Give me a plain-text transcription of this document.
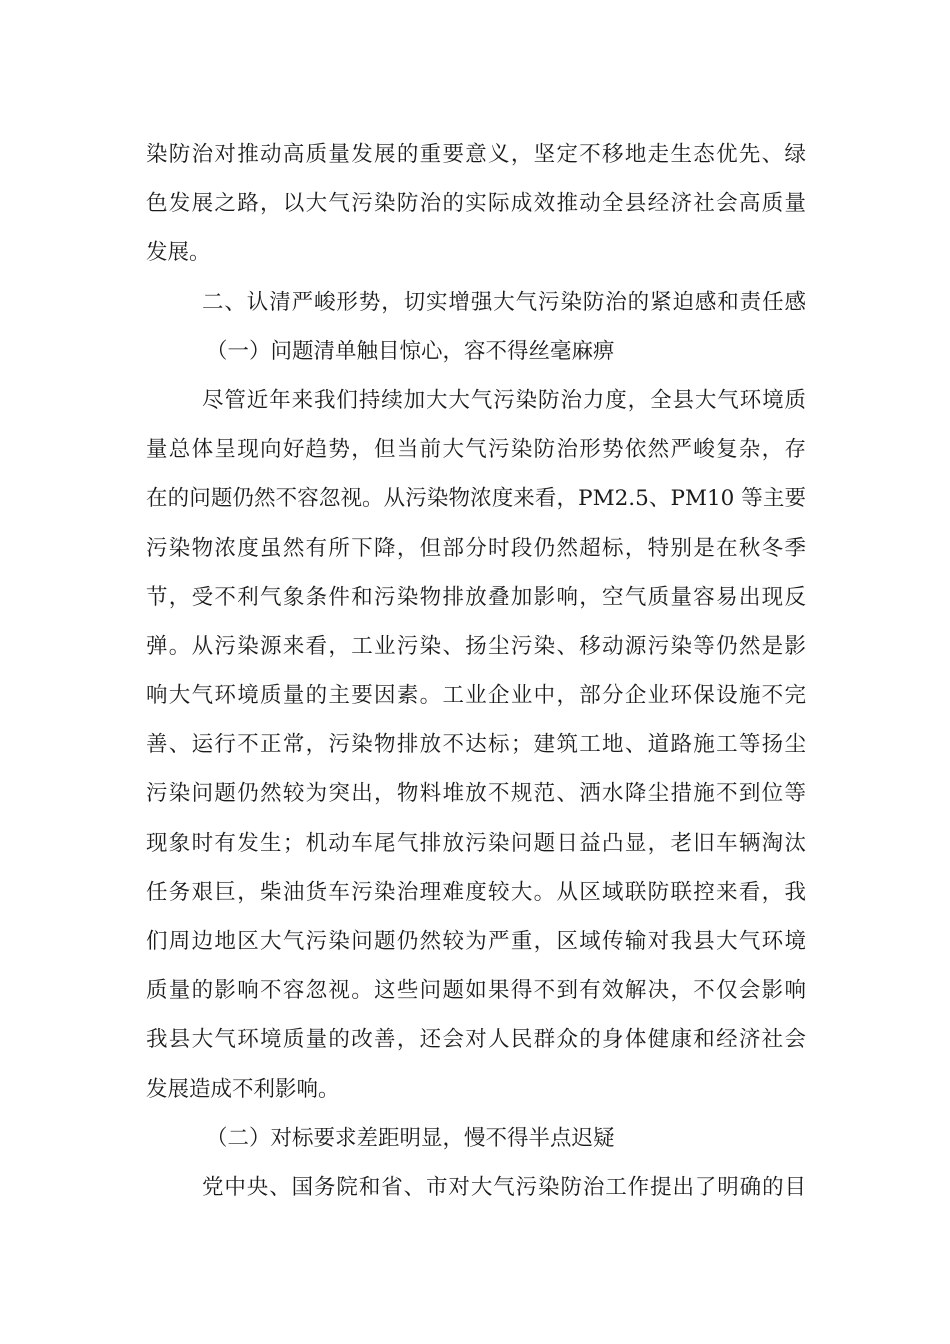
染防治对推动高质量发展的重要意义，坚定不移地走生态优先、绿
色发展之路，以大气污染防治的实际成效推动全县经济社会高质量
发展。
二、认清严峻形势，切实增强大气污染防治的紧迫感和责任感
（一）问题清单触目惊心，容不得丝毫麻痹
尽管近年来我们持续加大大气污染防治力度，全县大气环境质
量总体呈现向好趋势，但当前大气污染防治形势依然严峻复杂，存
在的问题仍然不容忽视。从污染物浓度来看，PM2.5、PM10 等主要
污染物浓度虽然有所下降，但部分时段仍然超标，特别是在秋冬季
节，受不利气象条件和污染物排放叠加影响，空气质量容易出现反
弹。从污染源来看，工业污染、扬尘污染、移动源污染等仍然是影
响大气环境质量的主要因素。工业企业中，部分企业环保设施不完
善、运行不正常，污染物排放不达标；建筑工地、道路施工等扬尘
污染问题仍然较为突出，物料堆放不规范、洒水降尘措施不到位等
现象时有发生；机动车尾气排放污染问题日益凸显，老旧车辆淘汰
任务艰巨，柴油货车污染治理难度较大。从区域联防联控来看，我
们周边地区大气污染问题仍然较为严重，区域传输对我县大气环境
质量的影响不容忽视。这些问题如果得不到有效解决，不仅会影响
我县大气环境质量的改善，还会对人民群众的身体健康和经济社会
发展造成不利影响。
（二）对标要求差距明显，慢不得半点迟疑
党中央、国务院和省、市对大气污染防治工作提出了明确的目
